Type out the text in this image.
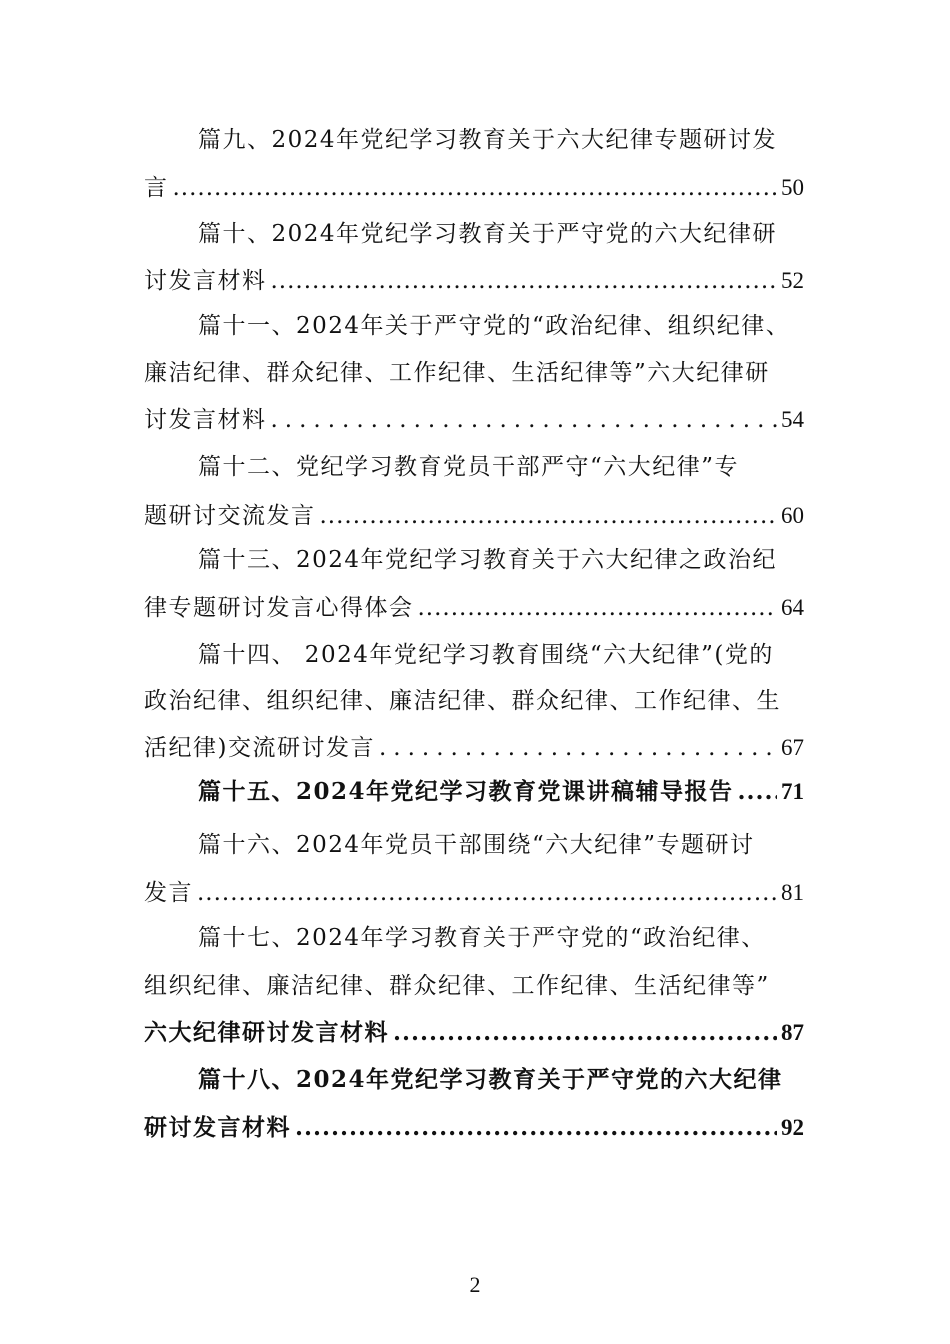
篇九、2024年党纪学习教育关于六大纪律专题研讨发
言 .....	50
篇十、2024年党纪学习教育关于严守党的六大纪律研
讨发言材料 .....	52
篇十一、2024年关于严守党的“政治纪律、组织纪律、
廉洁纪律、群众纪律、工作纪律、生活纪律等”六大纪律研
讨发言材料 .....	54
篇十二、党纪学习教育党员干部严守“六大纪律”专
题研讨交流发言 .....	60
篇十三、2024年党纪学习教育关于六大纪律之政治纪
律专题研讨发言心得体会 .....	64
篇十四、 2024年党纪学习教育围绕“六大纪律”(党的
政治纪律、组织纪律、廉洁纪律、群众纪律、工作纪律、生
活纪律)交流研讨发言 .....	67
篇十五、2024年党纪学习教育党课讲稿辅导报告 ..... 71
篇十六、2024年党员干部围绕“六大纪律”专题研讨
发言 .....	81
篇十七、2024年学习教育关于严守党的“政治纪律、
组织纪律、廉洁纪律、群众纪律、工作纪律、生活纪律等”
六大纪律研讨发言材料 .....	87
篇十八、2024年党纪学习教育关于严守党的六大纪律
研讨发言材料 .....	92
2
